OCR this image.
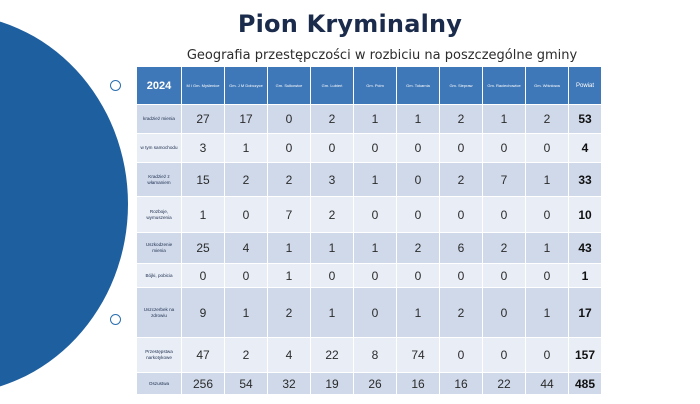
Pion Kryminalny
Geografia przestępczości w rozbiciu na poszczególne gminy
2024	M i Gm. Myślenice	Gm. J M Dobczyce	Gm. Sułkowice	Gm. Lubień	Gm. Pcim	Gm. Tokarnia	Gm. Siepraw	Gm. Raciechowice	Gm. Wiśniowa	Powiat
kradzież mienia	27	17	0	2	1	1	2	1	2	53
w tym samochodu	3	1	0	0	0	0	0	0	0	4
Kradzież z włamaniem	15	2	2	3	1	0	2	7	1	33
Rozboje, wymuszenia	1	0	7	2	0	0	0	0	0	10
Uszkodzenie mienia	25	4	1	1	1	2	6	2	1	43
Bójki, pobicia	0	0	1	0	0	0	0	0	0	1
Uszczerbek na zdrowiu	9	1	2	1	0	1	2	0	1	17
Przestępstwa narkotykowe	47	2	4	22	8	74	0	0	0	157
Oszustwa	256	54	32	19	26	16	16	22	44	485
